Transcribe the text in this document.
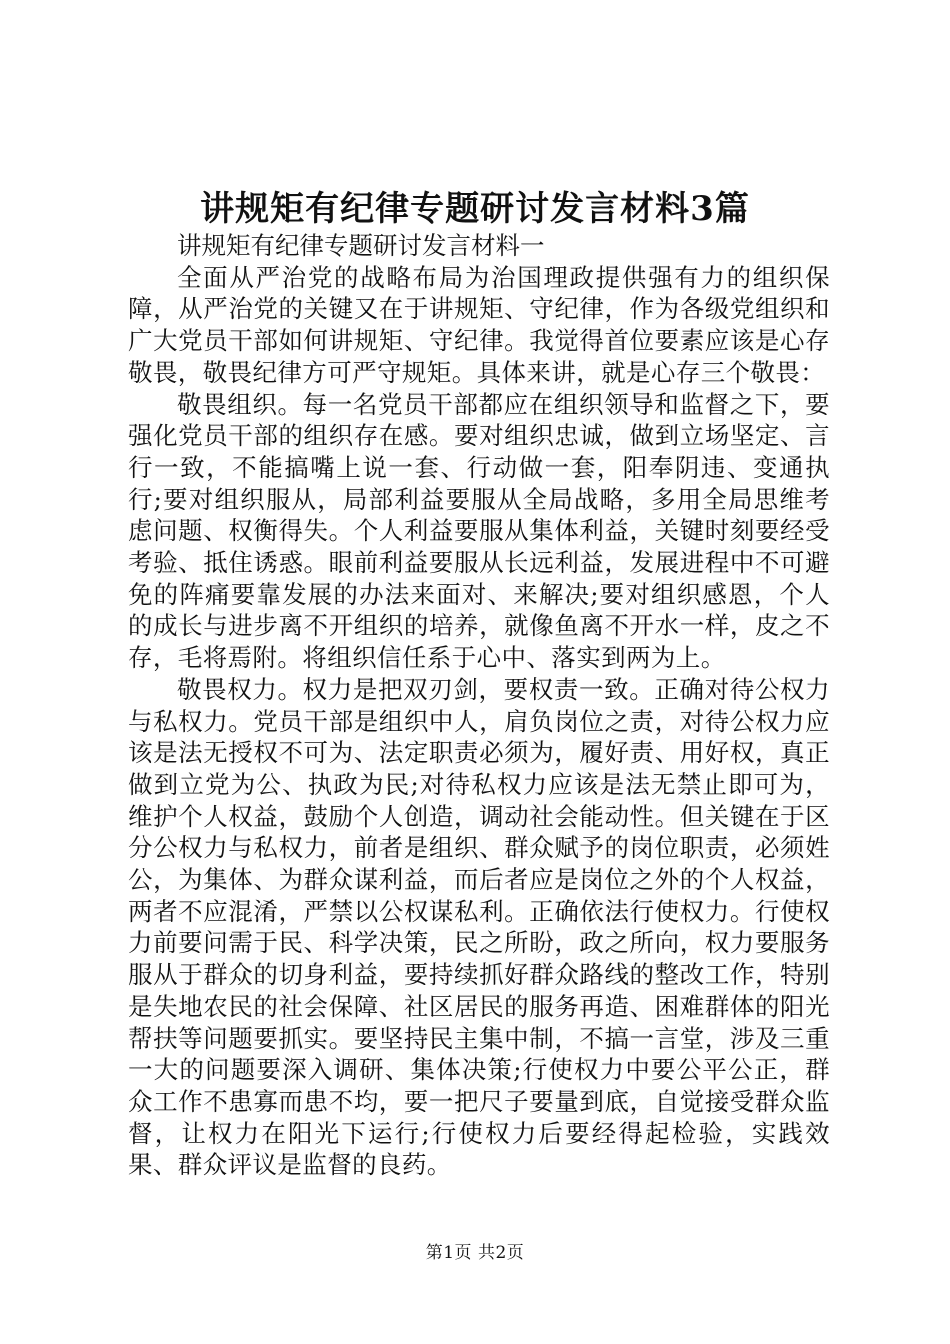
讲规矩有纪律专题研讨发言材料3篇

讲规矩有纪律专题研讨发言材料一

全面从严治党的战略布局为治国理政提供强有力的组织保障，从严治党的关键又在于讲规矩、守纪律，作为各级党组织和广大党员干部如何讲规矩、守纪律。我觉得首位要素应该是心存敬畏，敬畏纪律方可严守规矩。具体来讲，就是心存三个敬畏：

敬畏组织。每一名党员干部都应在组织领导和监督之下，要强化党员干部的组织存在感。要对组织忠诚，做到立场坚定、言行一致，不能搞嘴上说一套、行动做一套，阳奉阴违、变通执行;要对组织服从，局部利益要服从全局战略，多用全局思维考虑问题、权衡得失。个人利益要服从集体利益，关键时刻要经受考验、抵住诱惑。眼前利益要服从长远利益，发展进程中不可避免的阵痛要靠发展的办法来面对、来解决;要对组织感恩，个人的成长与进步离不开组织的培养，就像鱼离不开水一样，皮之不存，毛将焉附。将组织信任系于心中、落实到两为上。

敬畏权力。权力是把双刃剑，要权责一致。正确对待公权力与私权力。党员干部是组织中人，肩负岗位之责，对待公权力应该是法无授权不可为、法定职责必须为，履好责、用好权，真正做到立党为公、执政为民;对待私权力应该是法无禁止即可为，维护个人权益，鼓励个人创造，调动社会能动性。但关键在于区分公权力与私权力，前者是组织、群众赋予的岗位职责，必须姓公，为集体、为群众谋利益，而后者应是岗位之外的个人权益，两者不应混淆，严禁以公权谋私利。正确依法行使权力。行使权力前要问需于民、科学决策，民之所盼，政之所向，权力要服务服从于群众的切身利益，要持续抓好群众路线的整改工作，特别是失地农民的社会保障、社区居民的服务再造、困难群体的阳光帮扶等问题要抓实。要坚持民主集中制，不搞一言堂，涉及三重一大的问题要深入调研、集体决策;行使权力中要公平公正，群众工作不患寡而患不均，要一把尺子要量到底，自觉接受群众监督，让权力在阳光下运行;行使权力后要经得起检验，实践效果、群众评议是监督的良药。

第1页 共2页
